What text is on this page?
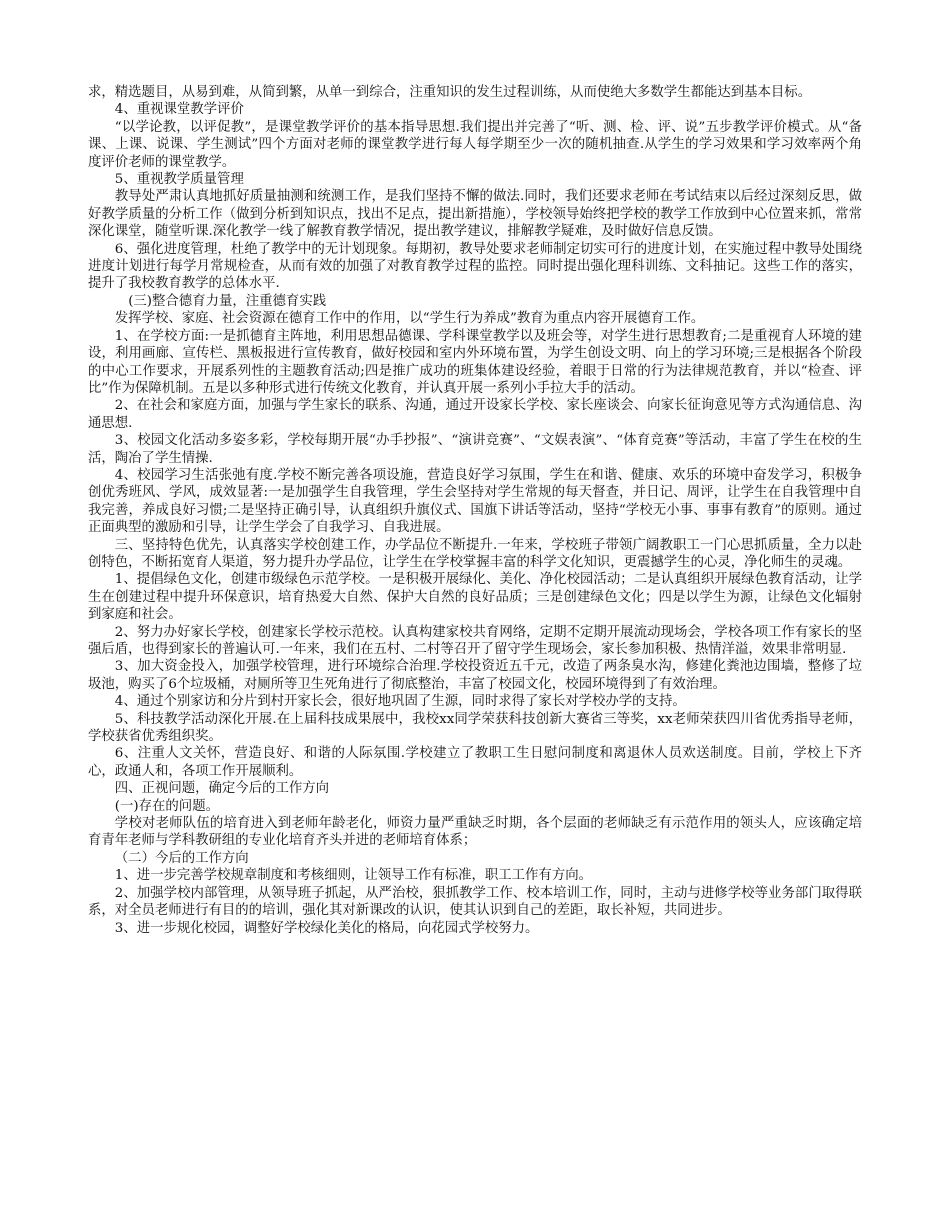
求，精选题目，从易到难，从简到繁，从单一到综合，注重知识的发生过程训练，从而使绝大多数学生都能达到基本目标。

4、重视课堂教学评价

“以学论教，以评促教”，是课堂教学评价的基本指导思想.我们提出并完善了“听、测、检、评、说”五步教学评价模式。从“备课、上课、说课、学生测试”四个方面对老师的课堂教学进行每人每学期至少一次的随机抽查.从学生的学习效果和学习效率两个角度评价老师的课堂教学。

5、重视教学质量管理

教导处严肃认真地抓好质量抽测和统测工作，是我们坚持不懈的做法.同时，我们还要求老师在考试结束以后经过深刻反思，做好教学质量的分析工作（做到分析到知识点，找出不足点，提出新措施），学校领导始终把学校的教学工作放到中心位置来抓，常常深化课堂，随堂听课.深化教学一线了解教育教学情况，提出教学建议，排解教学疑难，及时做好信息反馈。

6、强化进度管理，杜绝了教学中的无计划现象。每期初，教导处要求老师制定切实可行的进度计划，在实施过程中教导处围绕进度计划进行每学月常规检查，从而有效的加强了对教育教学过程的监控。同时提出强化理科训练、文科抽记。这些工作的落实，提升了我校教育教学的总体水平.

(三)整合德育力量，注重德育实践

发挥学校、家庭、社会资源在德育工作中的作用，以“学生行为养成”教育为重点内容开展德育工作。

1、在学校方面:一是抓德育主阵地，利用思想品德课、学科课堂教学以及班会等，对学生进行思想教育;二是重视育人环境的建设，利用画廊、宣传栏、黑板报进行宣传教育，做好校园和室内外环境布置，为学生创设文明、向上的学习环境;三是根据各个阶段的中心工作要求，开展系列性的主题教育活动;四是推广成功的班集体建设经验，着眼于日常的行为法律规范教育，并以“检查、评比”作为保障机制。五是以多种形式进行传统文化教育，并认真开展一系列小手拉大手的活动。

2、在社会和家庭方面，加强与学生家长的联系、沟通，通过开设家长学校、家长座谈会、向家长征询意见等方式沟通信息、沟通思想.

3、校园文化活动多姿多彩，学校每期开展“办手抄报”、“演讲竞赛”、“文娱表演”、“体育竞赛”等活动，丰富了学生在校的生活，陶冶了学生情操.

4、校园学习生活张弛有度.学校不断完善各项设施，营造良好学习氛围，学生在和谐、健康、欢乐的环境中奋发学习，积极争创优秀班风、学风，成效显著:一是加强学生自我管理，学生会坚持对学生常规的每天督查，并日记、周评，让学生在自我管理中自我完善，养成良好习惯;二是坚持正确引导，认真组织升旗仪式、国旗下讲话等活动，坚持“学校无小事、事事有教育”的原则。通过正面典型的激励和引导，让学生学会了自我学习、自我进展。

三、坚持特色优先，认真落实学校创建工作，办学品位不断提升.一年来，学校班子带领广阔教职工一门心思抓质量，全力以赴创特色，不断拓宽育人渠道，努力提升办学品位，让学生在学校掌握丰富的科学文化知识，更震撼学生的心灵，净化师生的灵魂。

1、提倡绿色文化，创建市级绿色示范学校。一是积极开展绿化、美化、净化校园活动；二是认真组织开展绿色教育活动，让学生在创建过程中提升环保意识，培育热爱大自然、保护大自然的良好品质；三是创建绿色文化；四是以学生为源，让绿色文化辐射到家庭和社会。

2、努力办好家长学校，创建家长学校示范校。认真构建家校共育网络，定期不定期开展流动现场会，学校各项工作有家长的坚强后盾，也得到家长的普遍认可.一年来，我们在五村、二村等召开了留守学生现场会，家长参加积极、热情洋溢，效果非常明显.

3、加大资金投入，加强学校管理，进行环境综合治理.学校投资近五千元，改造了两条臭水沟，修建化粪池边围墙，整修了垃圾池，购买了6个垃圾桶，对厕所等卫生死角进行了彻底整治，丰富了校园文化，校园环境得到了有效治理。

4、通过个别家访和分片到村开家长会，很好地巩固了生源，同时求得了家长对学校办学的支持。

5、科技教学活动深化开展.在上届科技成果展中，我校xx同学荣获科技创新大赛省三等奖，xx老师荣获四川省优秀指导老师，学校获省优秀组织奖。

6、注重人文关怀，营造良好、和谐的人际氛围.学校建立了教职工生日慰问制度和离退休人员欢送制度。目前，学校上下齐心，政通人和，各项工作开展顺利。

四、正视问题，确定今后的工作方向

(一)存在的问题。

学校对老师队伍的培育进入到老师年龄老化，师资力量严重缺乏时期，各个层面的老师缺乏有示范作用的领头人，应该确定培育青年老师与学科教研组的专业化培育齐头并进的老师培育体系；

（二）今后的工作方向

1、进一步完善学校规章制度和考核细则，让领导工作有标准，职工工作有方向。

2、加强学校内部管理，从领导班子抓起，从严治校，狠抓教学工作、校本培训工作，同时，主动与进修学校等业务部门取得联系，对全员老师进行有目的的培训，强化其对新课改的认识，使其认识到自己的差距，取长补短，共同进步。

3、进一步规化校园，调整好学校绿化美化的格局，向花园式学校努力。
